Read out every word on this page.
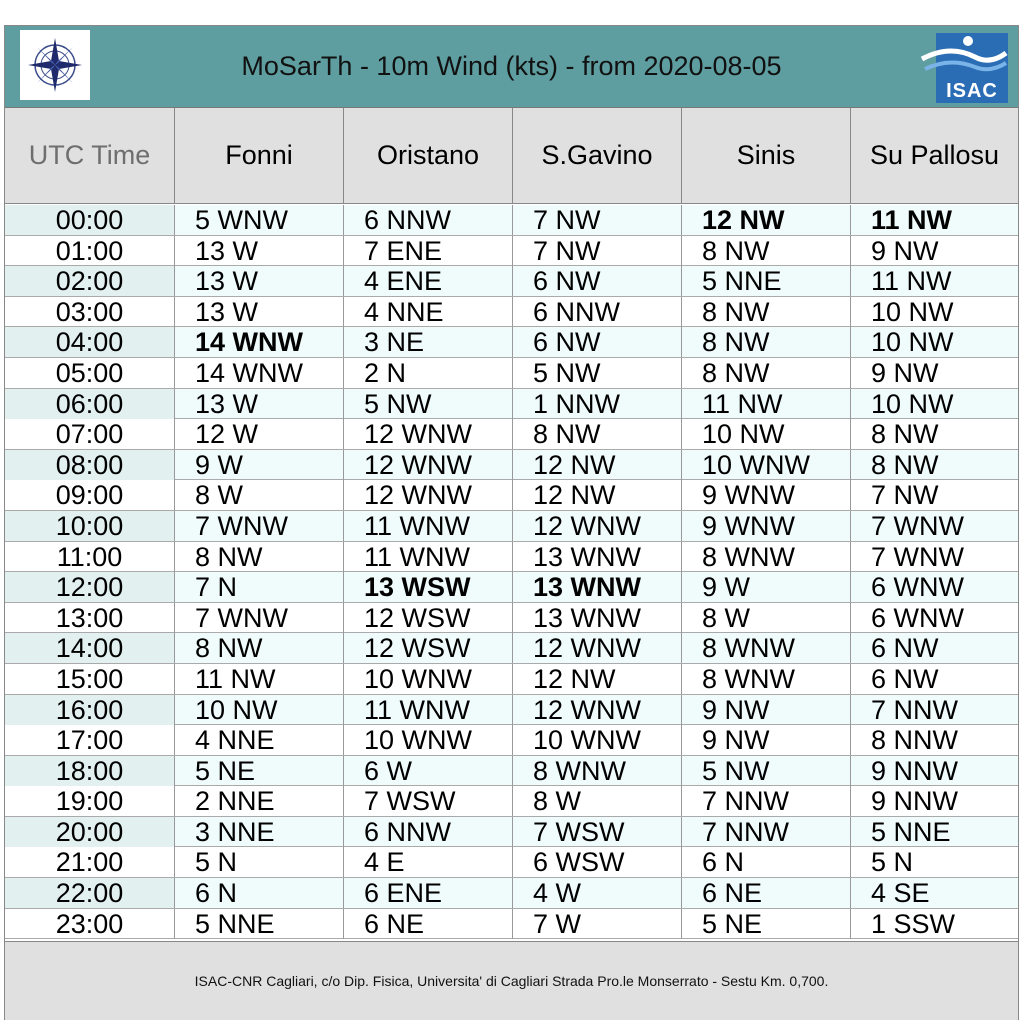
MoSarTh - 10m Wind (kts) - from 2020-08-05
ISAC
UTC Time	Fonni	Oristano	S.Gavino	Sinis	Su Pallosu
00:00	5 WNW	6 NNW	7 NW	12 NW	11 NW
01:00	13 W	7 ENE	7 NW	8 NW	9 NW
02:00	13 W	4 ENE	6 NW	5 NNE	11 NW
03:00	13 W	4 NNE	6 NNW	8 NW	10 NW
04:00	14 WNW	3 NE	6 NW	8 NW	10 NW
05:00	14 WNW	2 N	5 NW	8 NW	9 NW
06:00	13 W	5 NW	1 NNW	11 NW	10 NW
07:00	12 W	12 WNW	8 NW	10 NW	8 NW
08:00	9 W	12 WNW	12 NW	10 WNW	8 NW
09:00	8 W	12 WNW	12 NW	9 WNW	7 NW
10:00	7 WNW	11 WNW	12 WNW	9 WNW	7 WNW
11:00	8 NW	11 WNW	13 WNW	8 WNW	7 WNW
12:00	7 N	13 WSW	13 WNW	9 W	6 WNW
13:00	7 WNW	12 WSW	13 WNW	8 W	6 WNW
14:00	8 NW	12 WSW	12 WNW	8 WNW	6 NW
15:00	11 NW	10 WNW	12 NW	8 WNW	6 NW
16:00	10 NW	11 WNW	12 WNW	9 NW	7 NNW
17:00	4 NNE	10 WNW	10 WNW	9 NW	8 NNW
18:00	5 NE	6 W	8 WNW	5 NW	9 NNW
19:00	2 NNE	7 WSW	8 W	7 NNW	9 NNW
20:00	3 NNE	6 NNW	7 WSW	7 NNW	5 NNE
21:00	5 N	4 E	6 WSW	6 N	5 N
22:00	6 N	6 ENE	4 W	6 NE	4 SE
23:00	5 NNE	6 NE	7 W	5 NE	1 SSW
ISAC-CNR Cagliari, c/o Dip. Fisica, Universita' di Cagliari Strada Pro.le Monserrato - Sestu Km. 0,700.
